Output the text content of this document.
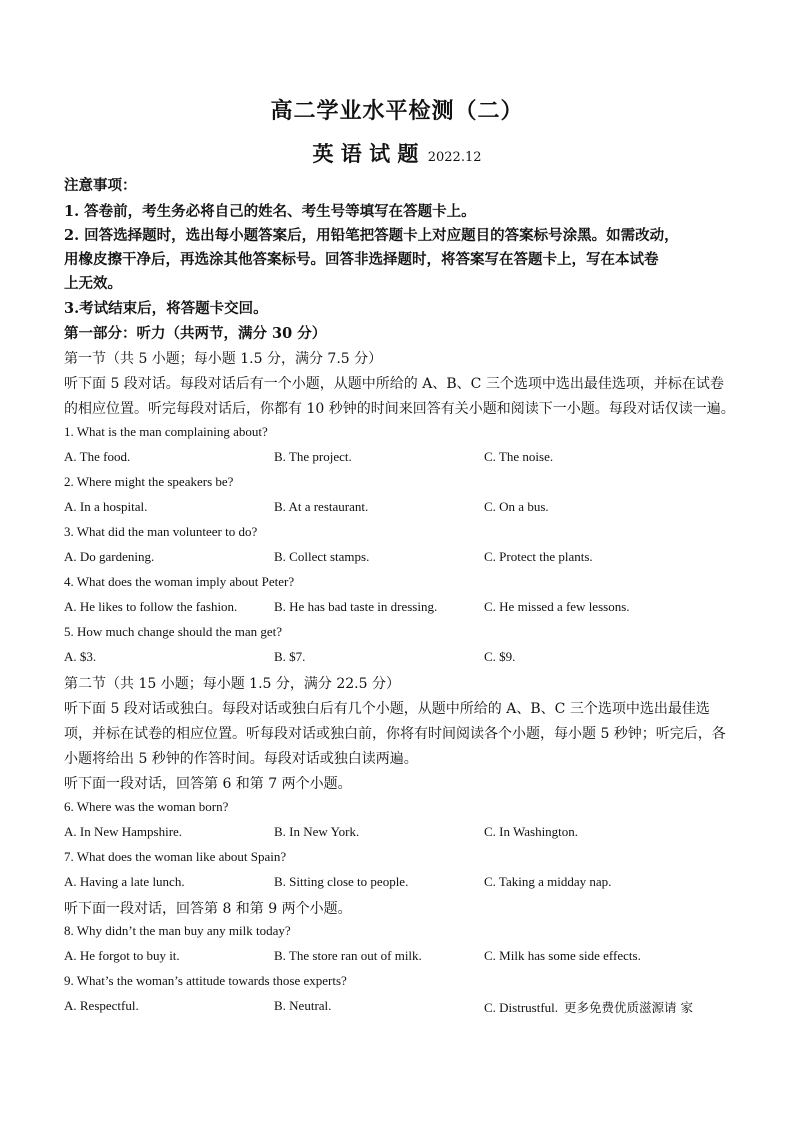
高二学业水平检测（二）
英 语 试 题 2022.12
注意事项：
1. 答卷前，考生务必将自己的姓名、考生号等填写在答题卡上。
2. 回答选择题时，选出每小题答案后，用铅笔把答题卡上对应题目的答案标号涂黑。如需改动，
用橡皮擦干净后，再选涂其他答案标号。回答非选择题时，将答案写在答题卡上，写在本试卷
上无效。
3.考试结束后，将答题卡交回。
第一部分：听力（共两节，满分 30 分）
第一节（共 5 小题；每小题 1.5 分，满分 7.5 分）
听下面 5 段对话。每段对话后有一个小题，从题中所给的 A、B、C 三个选项中选出最佳选项，并标在试卷
的相应位置。听完每段对话后，你都有 10 秒钟的时间来回答有关小题和阅读下一小题。每段对话仅读一遍。
1. What is the man complaining about?
A. The food.	B. The project.	C. The noise.
2. Where might the speakers be?
A. In a hospital.	B. At a restaurant.	C. On a bus.
3. What did the man volunteer to do?
A. Do gardening.	B. Collect stamps.	C. Protect the plants.
4. What does the woman imply about Peter?
A. He likes to follow the fashion.	B. He has bad taste in dressing.	C. He missed a few lessons.
5. How much change should the man get?
A. $3.	B. $7.	C. $9.
第二节（共 15 小题；每小题 1.5 分，满分 22.5 分）
听下面 5 段对话或独白。每段对话或独白后有几个小题，从题中所给的 A、B、C 三个选项中选出最佳选
项，并标在试卷的相应位置。听每段对话或独白前，你将有时间阅读各个小题，每小题 5 秒钟；听完后，各
小题将给出 5 秒钟的作答时间。每段对话或独白读两遍。
听下面一段对话，回答第 6 和第 7 两个小题。
6. Where was the woman born?
A. In New Hampshire.	B. In New York.	C. In Washington.
7. What does the woman like about Spain?
A. Having a late lunch.	B. Sitting close to people.	C. Taking a midday nap.
听下面一段对话，回答第 8 和第 9 两个小题。
8. Why didn’t the man buy any milk today?
A. He forgot to buy it.	B. The store ran out of milk.	C. Milk has some side effects.
9. What’s the woman’s attitude towards those experts?
A. Respectful.	B. Neutral.	C. Distrustful. 更多免费优质滋源请 家
